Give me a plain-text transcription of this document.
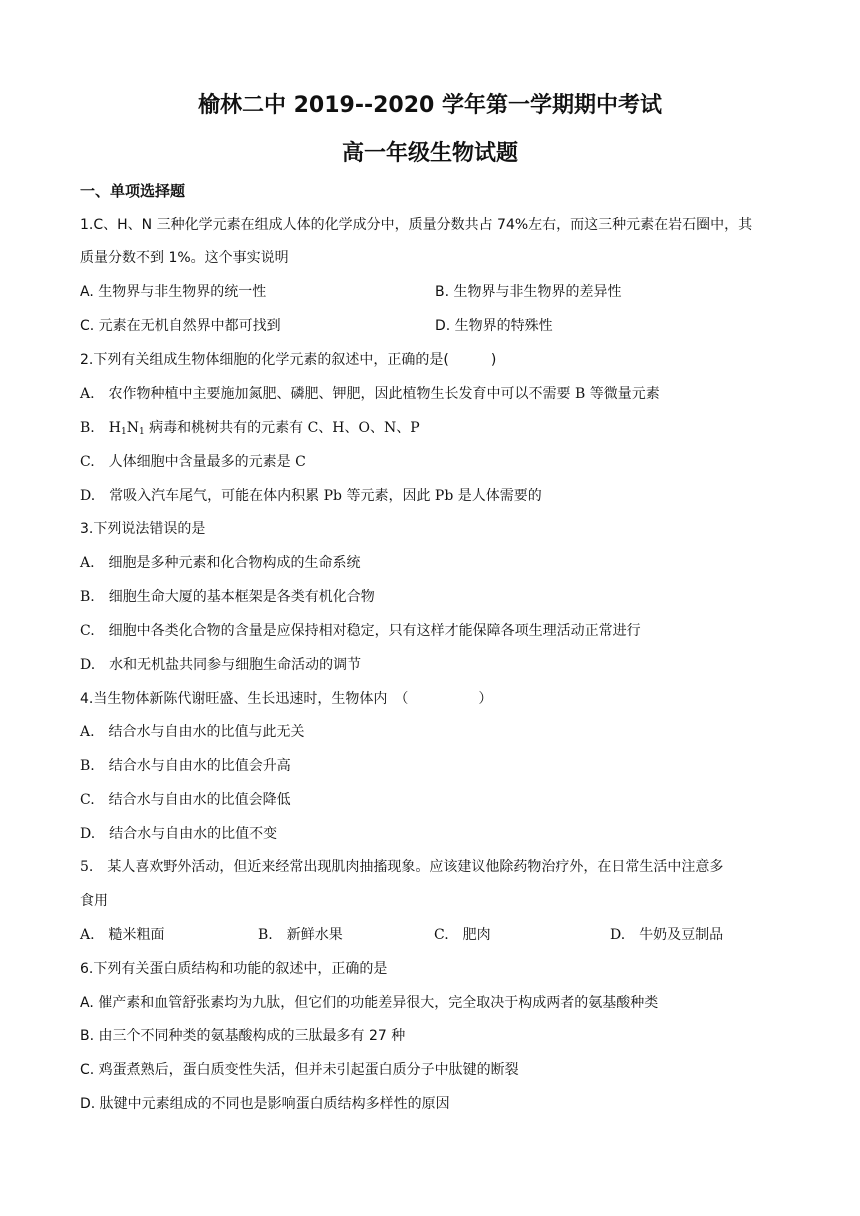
榆林二中 2019--2020 学年第一学期期中考试
高一年级生物试题
一、单项选择题
1.C、H、N 三种化学元素在组成人体的化学成分中，质量分数共占 74%左右，而这三种元素在岩石圈中，其
质量分数不到 1%。这个事实说明
A. 生物界与非生物界的统一性	B. 生物界与非生物界的差异性
C. 元素在无机自然界中都可找到	D. 生物界的特殊性
2.下列有关组成生物体细胞的化学元素的叙述中，正确的是(　　　)
A.　农作物种植中主要施加氮肥、磷肥、钾肥，因此植物生长发育中可以不需要 B 等微量元素
B.　$H_1N_1$ 病毒和桃树共有的元素有 C、H、O、N、P
C.　人体细胞中含量最多的元素是 C
D.　常吸入汽车尾气，可能在体内积累 Pb 等元素，因此 Pb 是人体需要的
3.下列说法错误的是
A.　细胞是多种元素和化合物构成的生命系统
B.　细胞生命大厦的基本框架是各类有机化合物
C.　细胞中各类化合物的含量是应保持相对稳定，只有这样才能保障各项生理活动正常进行
D.　水和无机盐共同参与细胞生命活动的调节
4.当生物体新陈代谢旺盛、生长迅速时，生物体内　（　　　　　）
A.　结合水与自由水的比值与此无关
B.　结合水与自由水的比值会升高
C.　结合水与自由水的比值会降低
D.　结合水与自由水的比值不变
5.　某人喜欢野外活动，但近来经常出现肌肉抽搐现象。应该建议他除药物治疗外，在日常生活中注意多
食用
A.　糙米粗面	B.　新鲜水果	C.　肥肉	D.　牛奶及豆制品
6.下列有关蛋白质结构和功能的叙述中，正确的是
A. 催产素和血管舒张素均为九肽，但它们的功能差异很大，完全取决于构成两者的氨基酸种类
B. 由三个不同种类的氨基酸构成的三肽最多有 27 种
C. 鸡蛋煮熟后，蛋白质变性失活，但并未引起蛋白质分子中肽键的断裂
D. 肽键中元素组成的不同也是影响蛋白质结构多样性的原因
